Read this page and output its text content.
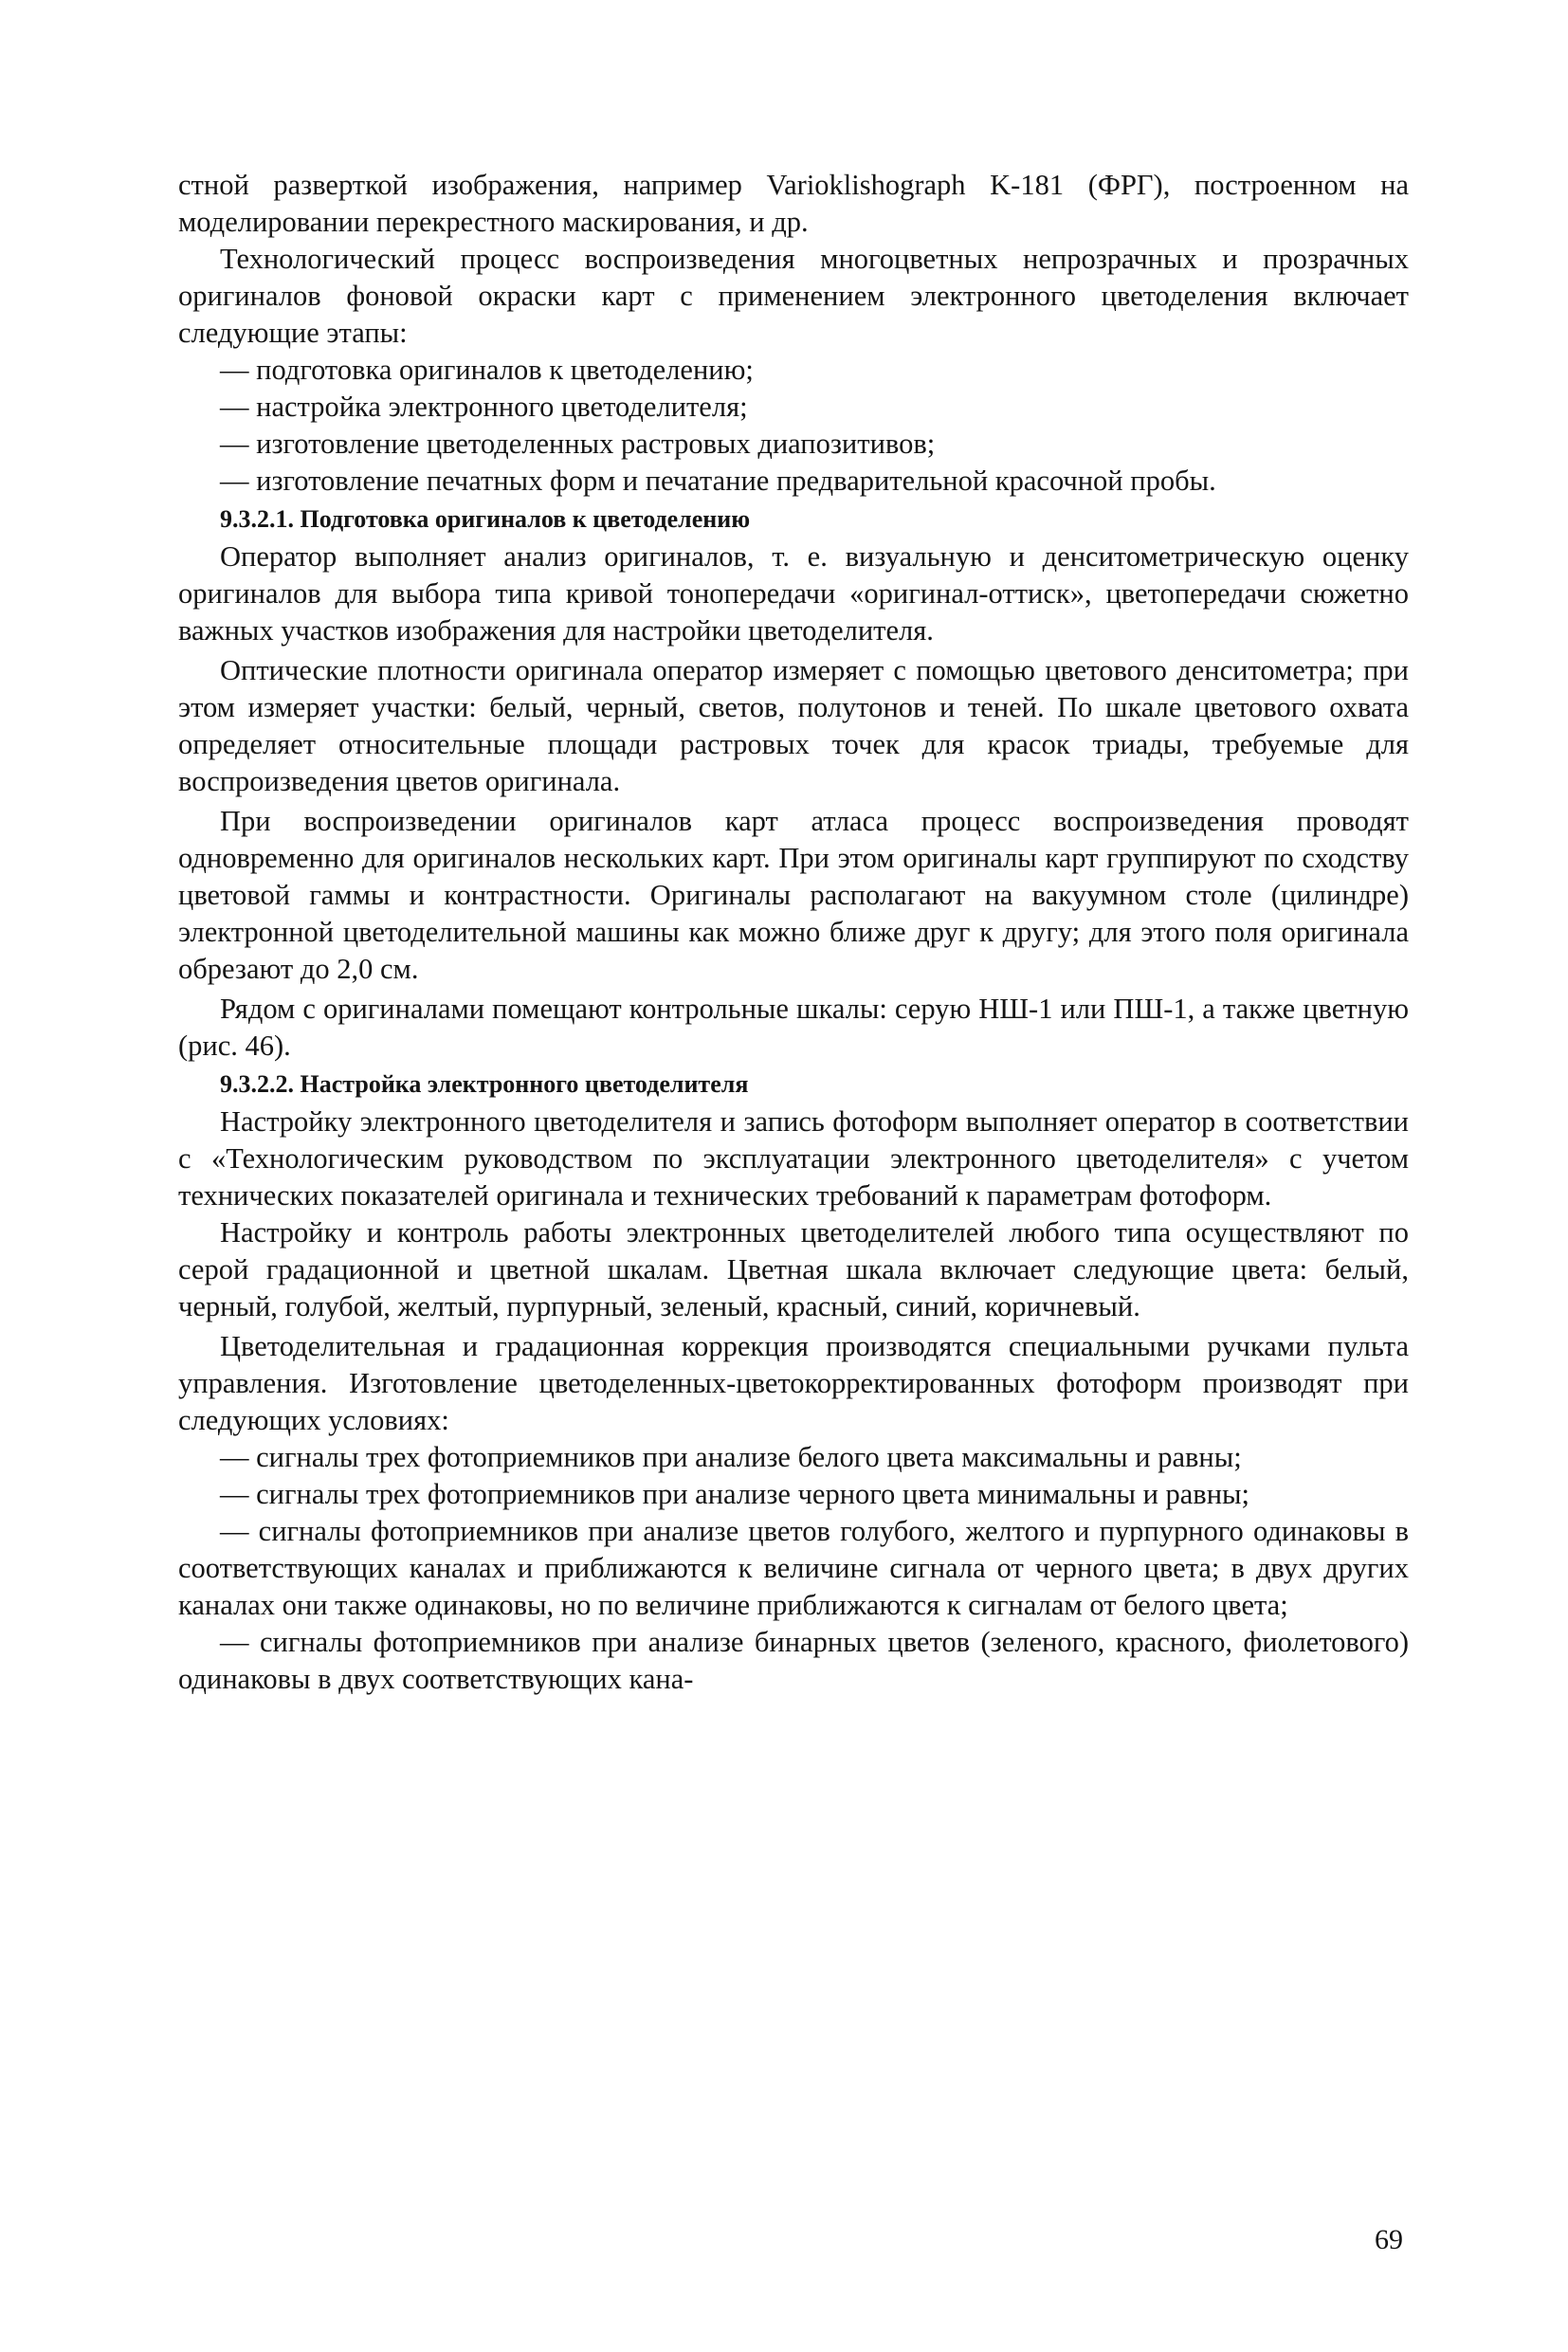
стной разверткой изображения, например Varioklishograph K-181 (ФРГ), построенном на моделировании перекрестного маскирования, и др.

Технологический процесс воспроизведения многоцветных непрозрачных и прозрачных оригиналов фоновой окраски карт с применением электронного цветоделения включает следующие этапы:

— подготовка оригиналов к цветоделению;

— настройка электронного цветоделителя;

— изготовление цветоделенных растровых диапозитивов;

— изготовление печатных форм и печатание предварительной красочной пробы.

9.3.2.1. Подготовка оригиналов к цветоделению

Оператор выполняет анализ оригиналов, т. е. визуальную и денситометрическую оценку оригиналов для выбора типа кривой тонопередачи «оригинал-оттиск», цветопередачи сюжетно важных участков изображения для настройки цветоделителя.

Оптические плотности оригинала оператор измеряет с помощью цветового денситометра; при этом измеряет участки: белый, черный, светов, полутонов и теней. По шкале цветового охвата определяет относительные площади растровых точек для красок триады, требуемые для воспроизведения цветов оригинала.

При воспроизведении оригиналов карт атласа процесс воспроизведения проводят одновременно для оригиналов нескольких карт. При этом оригиналы карт группируют по сходству цветовой гаммы и контрастности. Оригиналы располагают на вакуумном столе (цилиндре) электронной цветоделительной машины как можно ближе друг к другу; для этого поля оригинала обрезают до 2,0 см.

Рядом с оригиналами помещают контрольные шкалы: серую НШ-1 или ПШ-1, а также цветную (рис. 46).

9.3.2.2. Настройка электронного цветоделителя

Настройку электронного цветоделителя и запись фотоформ выполняет оператор в соответствии с «Технологическим руководством по эксплуатации электронного цветоделителя» с учетом технических показателей оригинала и технических требований к параметрам фотоформ.

Настройку и контроль работы электронных цветоделителей любого типа осуществляют по серой градационной и цветной шкалам. Цветная шкала включает следующие цвета: белый, черный, голубой, желтый, пурпурный, зеленый, красный, синий, коричневый.

Цветоделительная и градационная коррекция производятся специальными ручками пульта управления. Изготовление цветоделенных-цветокорректированных фотоформ производят при следующих условиях:

— сигналы трех фотоприемников при анализе белого цвета максимальны и равны;

— сигналы трех фотоприемников при анализе черного цвета минимальны и равны;

— сигналы фотоприемников при анализе цветов голубого, желтого и пурпурного одинаковы в соответствующих каналах и приближаются к величине сигнала от черного цвета; в двух других каналах они также одинаковы, но по величине приближаются к сигналам от белого цвета;

— сигналы фотоприемников при анализе бинарных цветов (зеленого, красного, фиолетового) одинаковы в двух соответствующих кана-

69
